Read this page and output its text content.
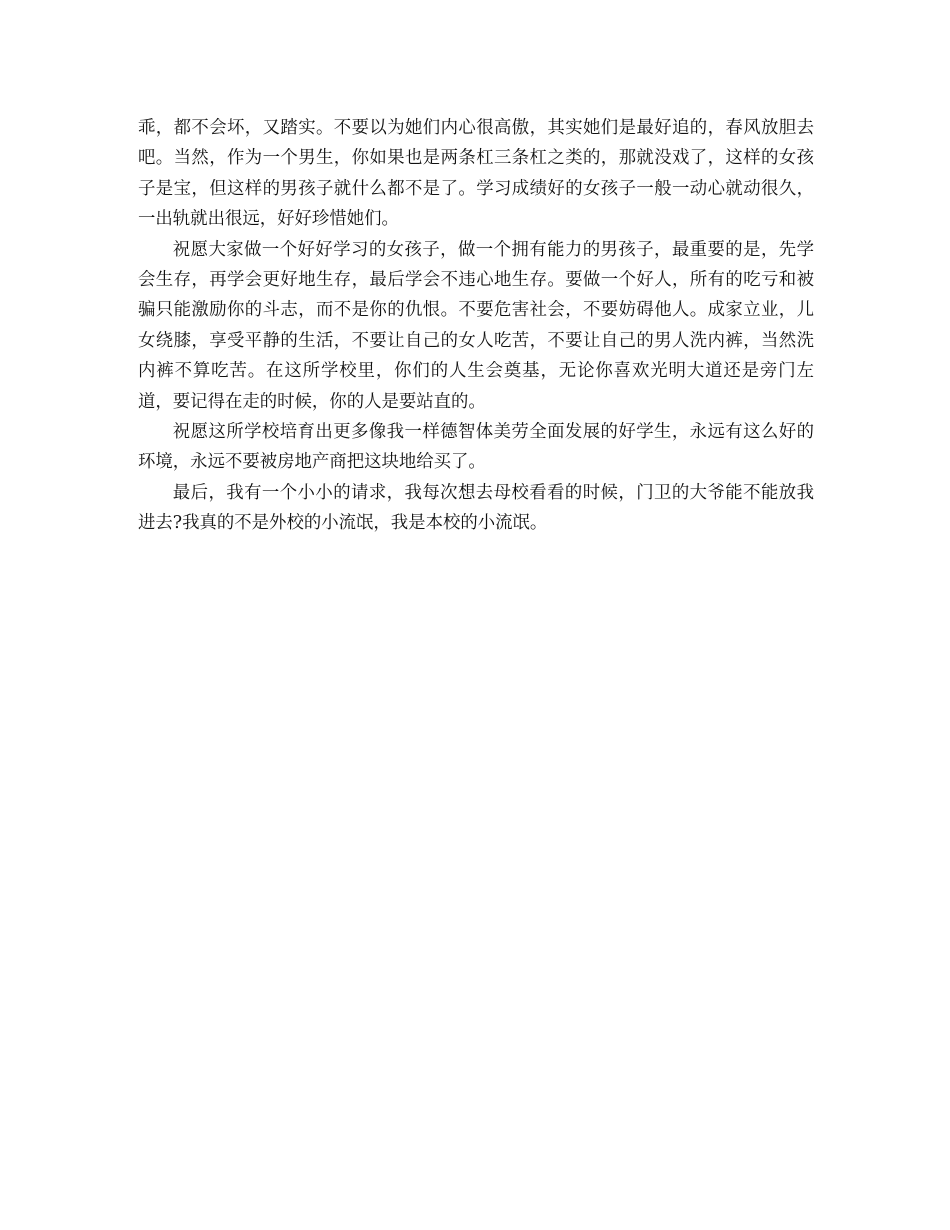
乖，都不会坏，又踏实。不要以为她们内心很高傲，其实她们是最好追的，春风放胆去吧。当然，作为一个男生，你如果也是两条杠三条杠之类的，那就没戏了，这样的女孩子是宝，但这样的男孩子就什么都不是了。学习成绩好的女孩子一般一动心就动很久，一出轨就出很远，好好珍惜她们。

祝愿大家做一个好好学习的女孩子，做一个拥有能力的男孩子，最重要的是，先学会生存，再学会更好地生存，最后学会不违心地生存。要做一个好人，所有的吃亏和被骗只能激励你的斗志，而不是你的仇恨。不要危害社会，不要妨碍他人。成家立业，儿女绕膝，享受平静的生活，不要让自己的女人吃苦，不要让自己的男人洗内裤，当然洗内裤不算吃苦。在这所学校里，你们的人生会奠基，无论你喜欢光明大道还是旁门左道，要记得在走的时候，你的人是要站直的。

祝愿这所学校培育出更多像我一样德智体美劳全面发展的好学生，永远有这么好的环境，永远不要被房地产商把这块地给买了。

最后，我有一个小小的请求，我每次想去母校看看的时候，门卫的大爷能不能放我进去?我真的不是外校的小流氓，我是本校的小流氓。
